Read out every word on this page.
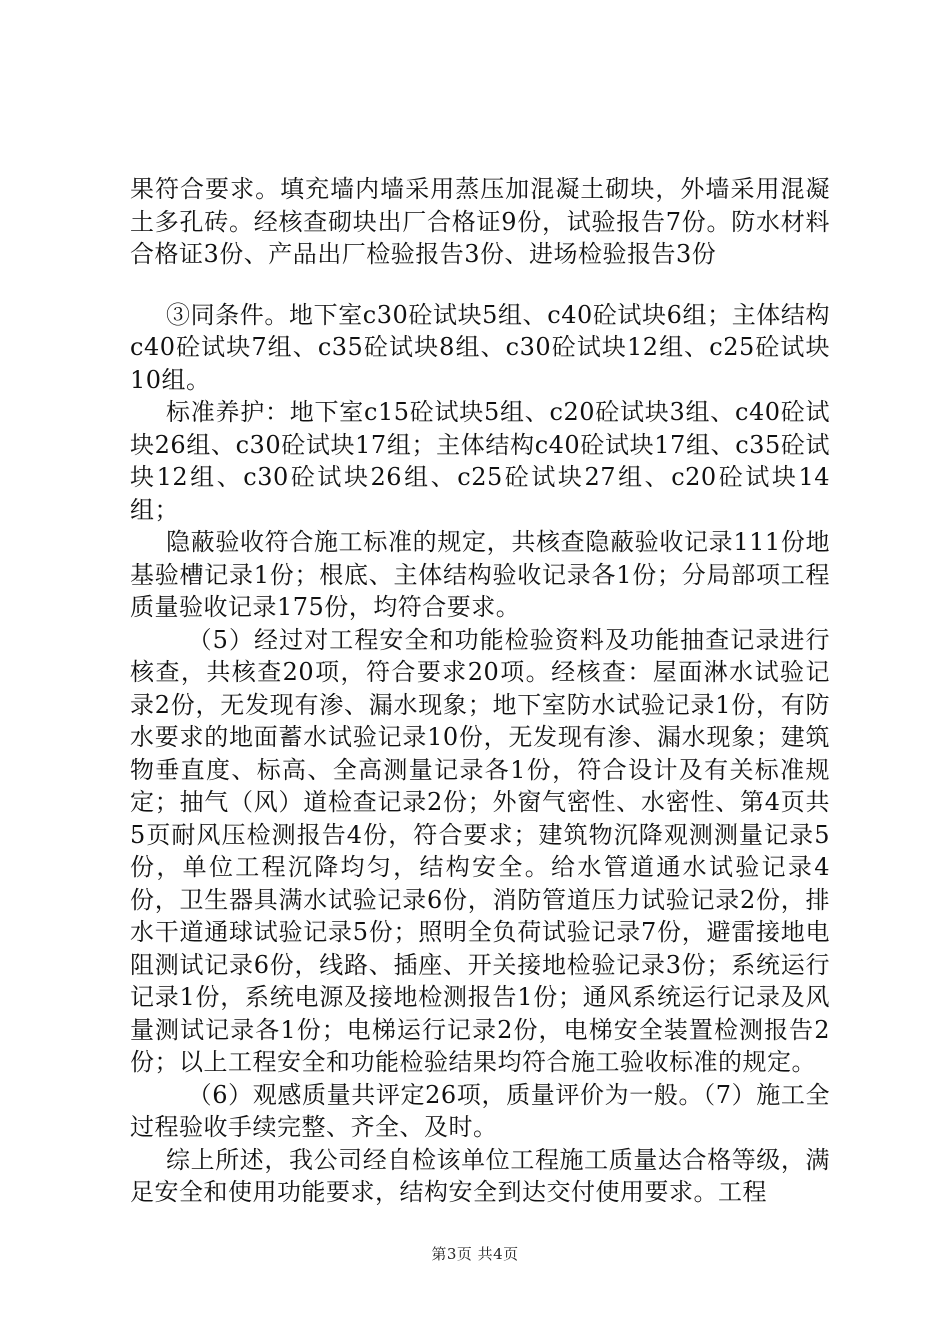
果符合要求。填充墙内墙采用蒸压加混凝土砌块，外墙采用混凝土多孔砖。经核查砌块出厂合格证9份，试验报告7份。防水材料合格证3份、产品出厂检验报告3份、进场检验报告3份

③同条件。地下室c30砼试块5组、c40砼试块6组；主体结构c40砼试块7组、c35砼试块8组、c30砼试块12组、c25砼试块10组。

标准养护：地下室c15砼试块5组、c20砼试块3组、c40砼试块26组、c30砼试块17组；主体结构c40砼试块17组、c35砼试块12组、c30砼试块26组、c25砼试块27组、c20砼试块14组；

隐蔽验收符合施工标准的规定，共核查隐蔽验收记录111份地基验槽记录1份；根底、主体结构验收记录各1份；分局部项工程质量验收记录175份，均符合要求。

（5）经过对工程安全和功能检验资料及功能抽查记录进行核查，共核查20项，符合要求20项。经核查：屋面淋水试验记录2份，无发现有渗、漏水现象；地下室防水试验记录1份，有防水要求的地面蓄水试验记录10份，无发现有渗、漏水现象；建筑物垂直度、标高、全高测量记录各1份，符合设计及有关标准规定；抽气（风）道检查记录2份；外窗气密性、水密性、第4页共5页耐风压检测报告4份，符合要求；建筑物沉降观测测量记录5份，单位工程沉降均匀，结构安全。给水管道通水试验记录4份，卫生器具满水试验记录6份，消防管道压力试验记录2份，排水干道通球试验记录5份；照明全负荷试验记录7份，避雷接地电阻测试记录6份，线路、插座、开关接地检验记录3份；系统运行记录1份，系统电源及接地检测报告1份；通风系统运行记录及风量测试记录各1份；电梯运行记录2份，电梯安全装置检测报告2份；以上工程安全和功能检验结果均符合施工验收标准的规定。

（6）观感质量共评定26项，质量评价为一般。（7）施工全过程验收手续完整、齐全、及时。

综上所述，我公司经自检该单位工程施工质量达合格等级，满足安全和使用功能要求，结构安全到达交付使用要求。工程

第3页 共4页
